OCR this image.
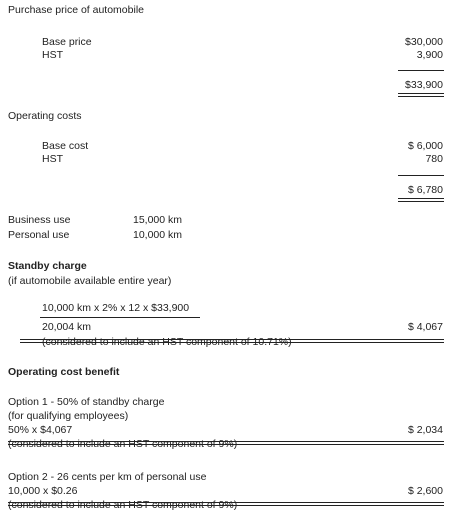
Purchase price of automobile
Base price	$30,000
HST	3,900
$33,900
Operating costs
Base cost	$ 6,000
HST	780
$ 6,780
Business use	15,000 km
Personal use	10,000 km
Standby charge
(if automobile available entire year)
10,000 km x 2% x 12 x $33,900
20,004 km	$ 4,067
(considered to include an HST component of 10.71%)
Operating cost benefit
Option 1 - 50% of standby charge
(for qualifying employees)
50% x $4,067	$ 2,034
(considered to include an HST component of 9%)
Option 2 - 26 cents per km of personal use
10,000 x $0.26	$ 2,600
(considered to include an HST component of 9%)
